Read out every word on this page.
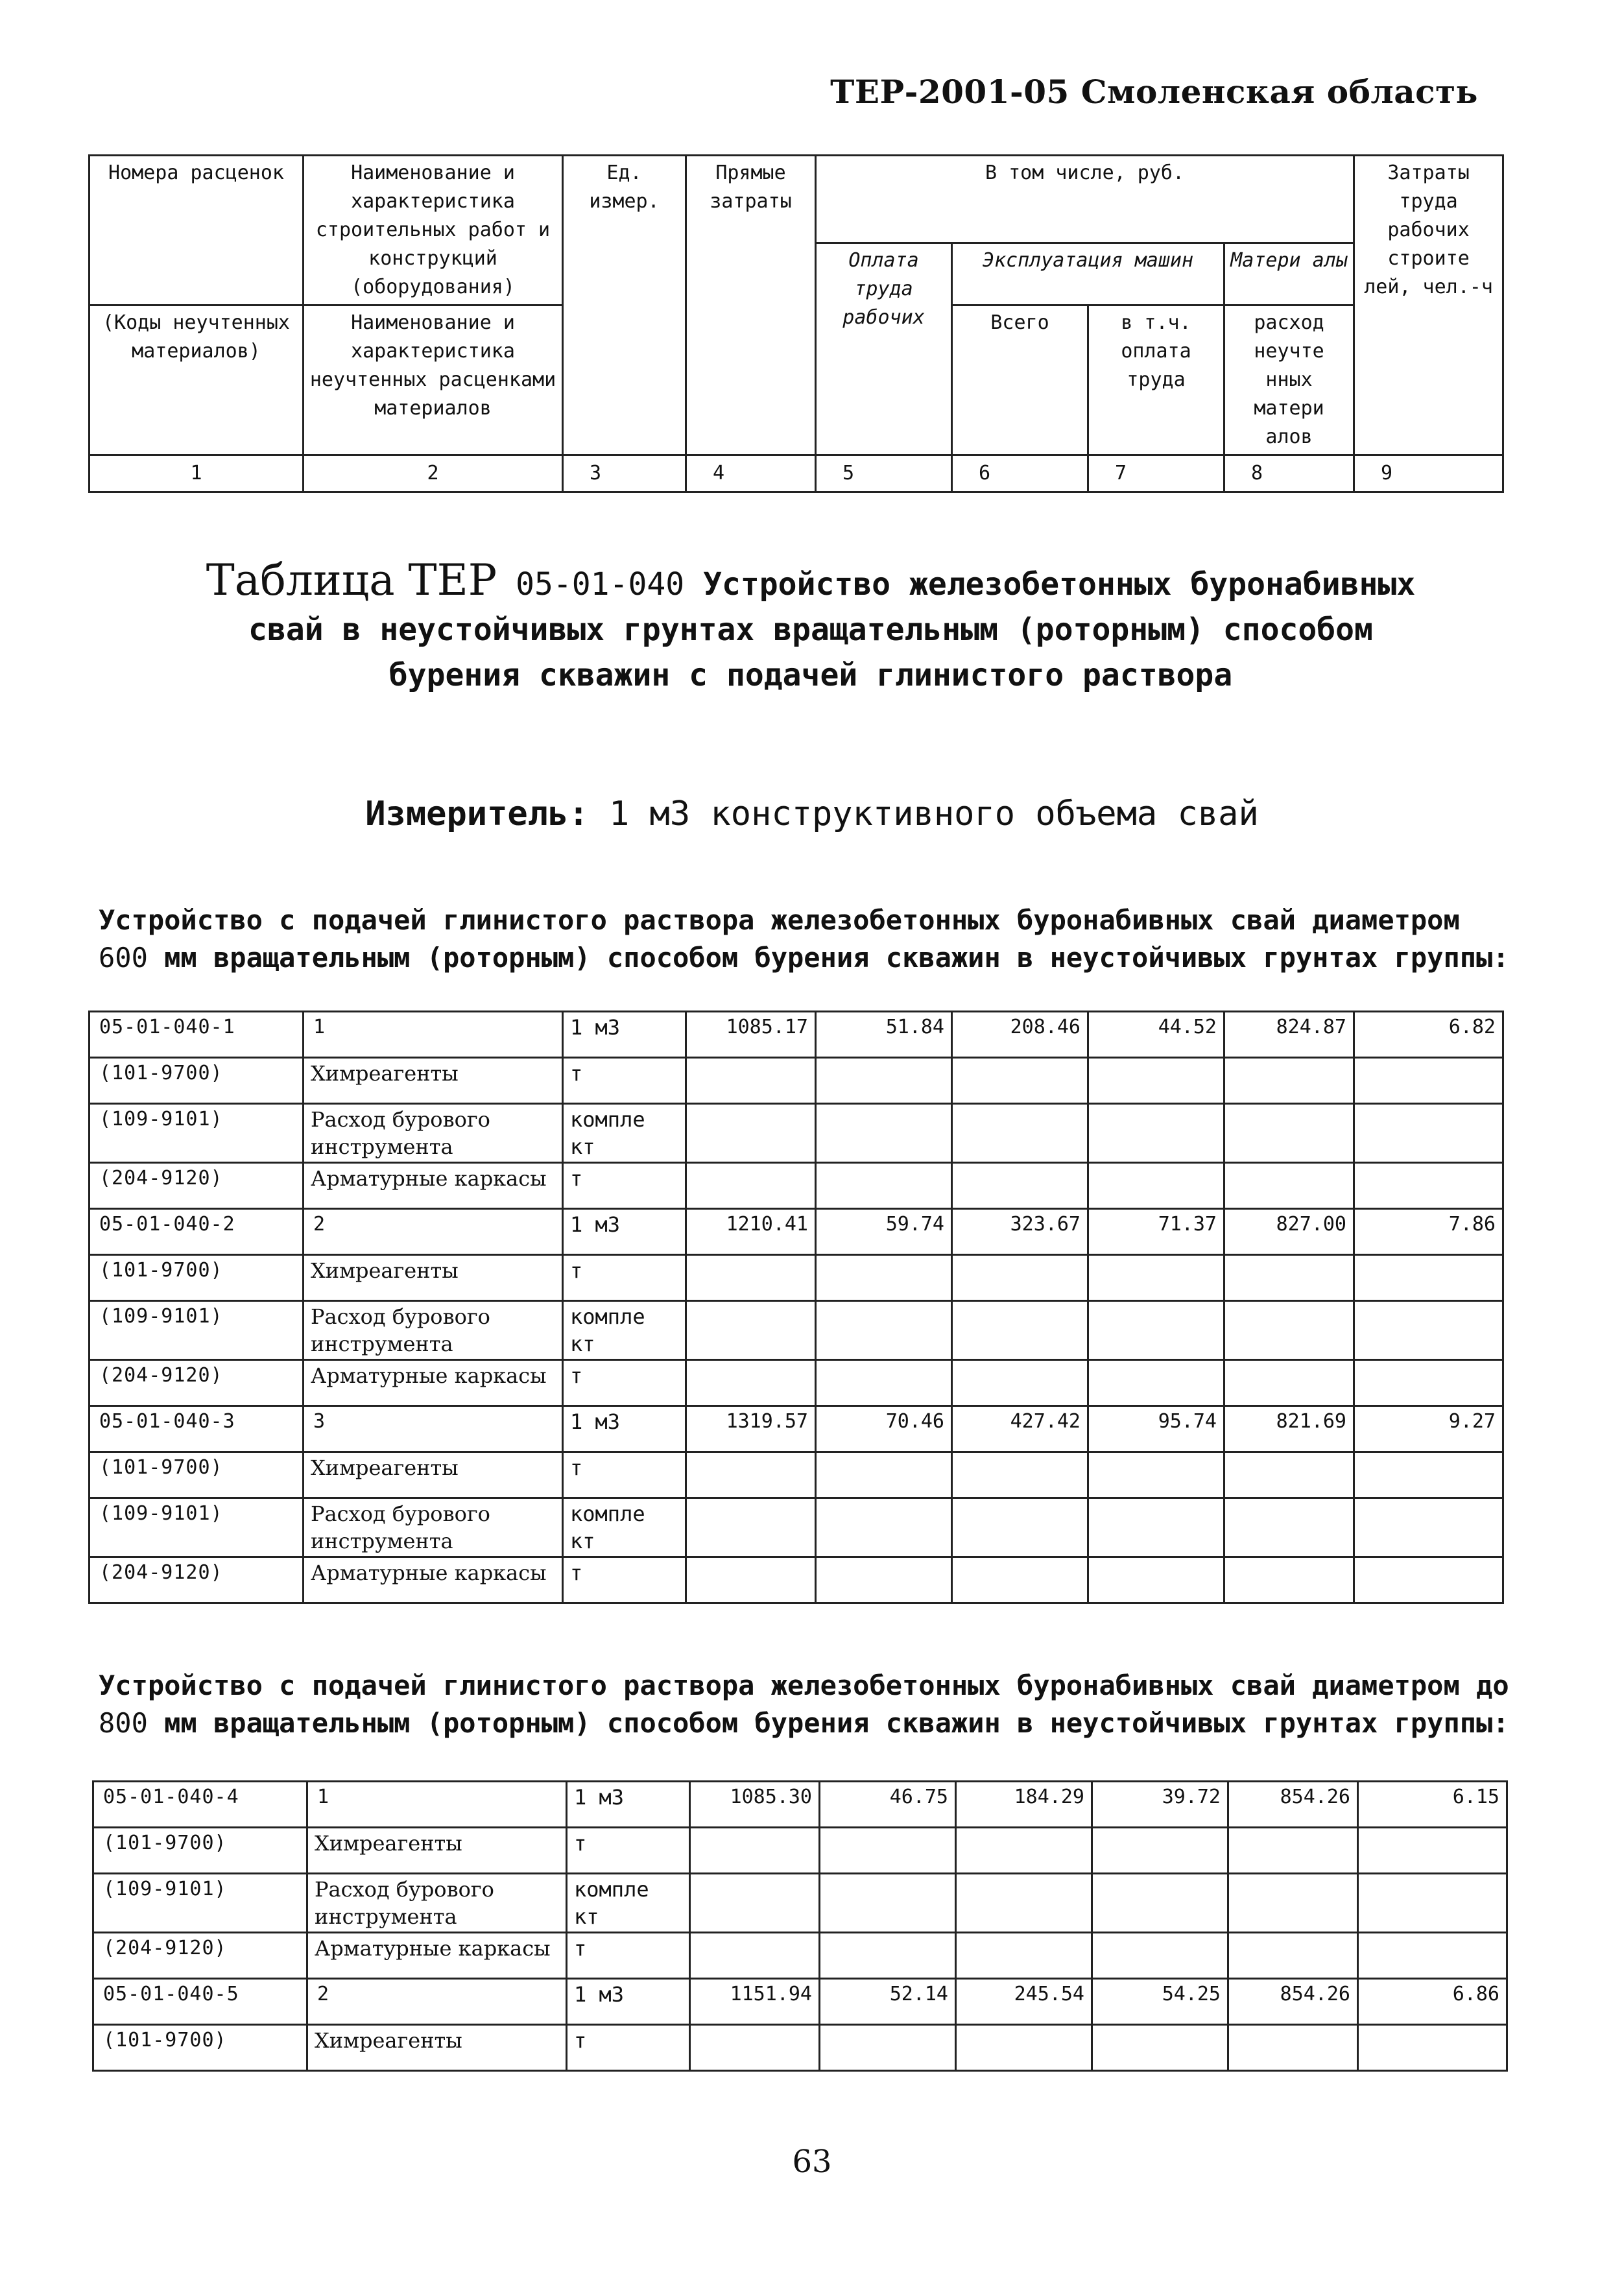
ТЕР-2001-05 Смоленская область
Номера расценок	Наименование и характеристика строительных работ и конструкций (оборудования)	Ед. измер.	Прямые затраты	В том числе, руб.				Затраты труда рабочих строите лей, чел.-ч
				Оплата труда рабочих	Эксплуатация машин		Матери алы	
(Коды неучтенных материалов)	Наименование и характеристика неучтенных расценками материалов				Всего	в т.ч. оплата труда	расход неучте нных матери алов	
1	2	3	4	5	6	7	8	9
Таблица ТЕР 05-01-040 Устройство железобетонных буронабивных свай в неустойчивых грунтах вращательным (роторным) способом бурения скважин с подачей глинистого раствора
Измеритель: 1 м3 конструктивного объема свай
Устройство с подачей глинистого раствора железобетонных буронабивных свай диаметром 600 мм вращательным (роторным) способом бурения скважин в неустойчивых грунтах группы:
05-01-040-1	1	1 м3	1085.17	51.84	208.46	44.52	824.87	6.82
(101-9700)	Химреагенты	т						
(109-9101)	Расход бурового инструмента	компле кт						
(204-9120)	Арматурные каркасы	т						
05-01-040-2	2	1 м3	1210.41	59.74	323.67	71.37	827.00	7.86
(101-9700)	Химреагенты	т						
(109-9101)	Расход бурового инструмента	компле кт						
(204-9120)	Арматурные каркасы	т						
05-01-040-3	3	1 м3	1319.57	70.46	427.42	95.74	821.69	9.27
(101-9700)	Химреагенты	т						
(109-9101)	Расход бурового инструмента	компле кт						
(204-9120)	Арматурные каркасы	т						
Устройство с подачей глинистого раствора железобетонных буронабивных свай диаметром до 800 мм вращательным (роторным) способом бурения скважин в неустойчивых грунтах группы:
05-01-040-4	1	1 м3	1085.30	46.75	184.29	39.72	854.26	6.15
(101-9700)	Химреагенты	т						
(109-9101)	Расход бурового инструмента	компле кт						
(204-9120)	Арматурные каркасы	т						
05-01-040-5	2	1 м3	1151.94	52.14	245.54	54.25	854.26	6.86
(101-9700)	Химреагенты	т						
63
